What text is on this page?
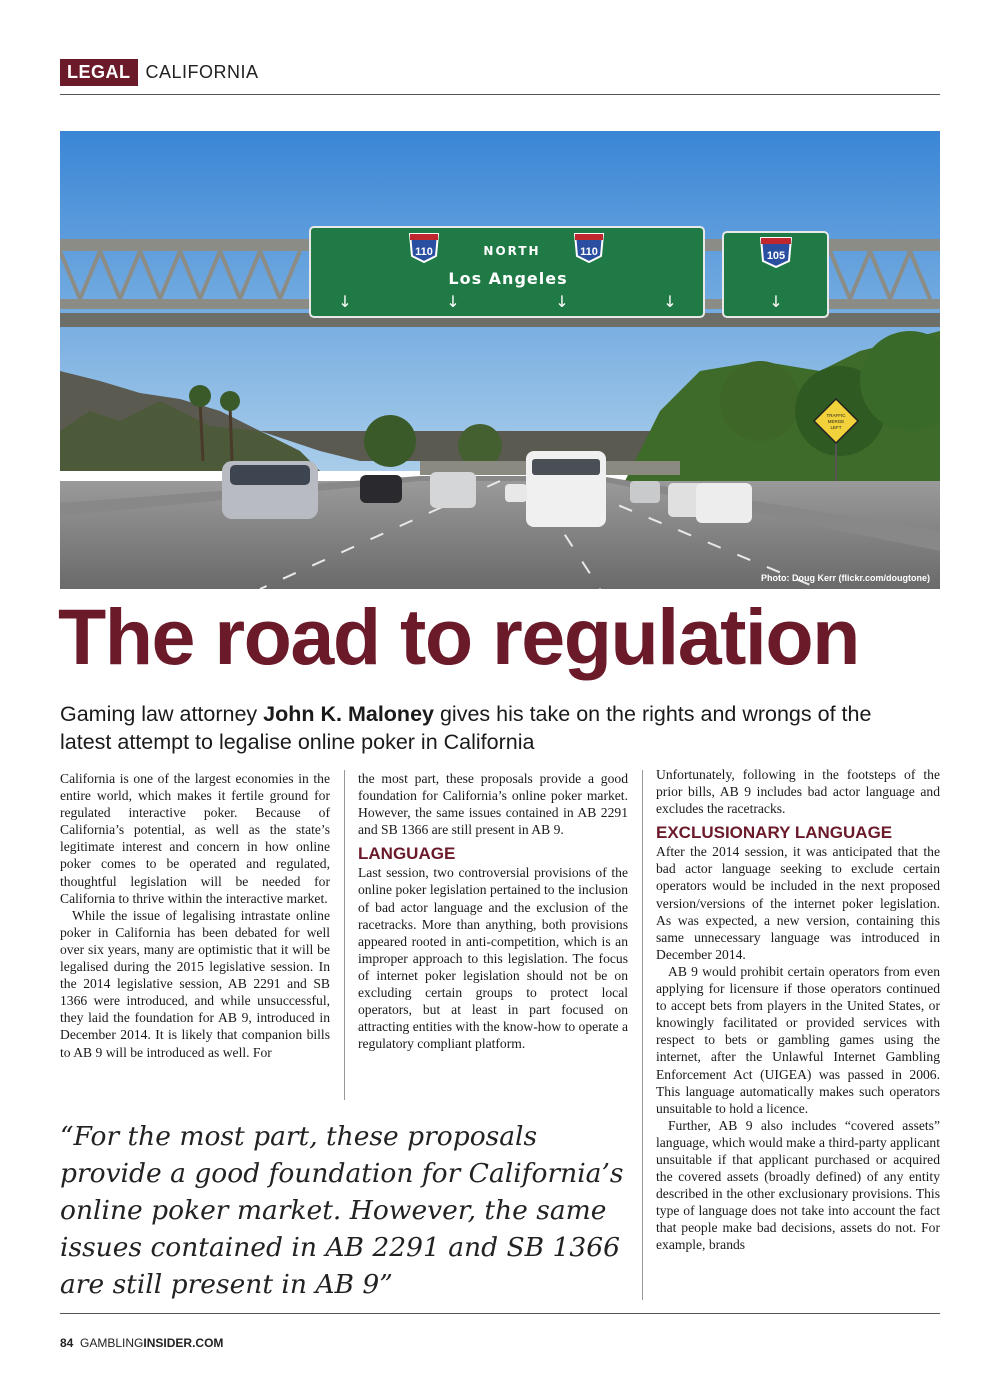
LEGAL CALIFORNIA
110	NORTH	110
Los Angeles
↓	↓	↓	↓
105
↓
TRAFFIC
MERGE
LEFT
Photo: Doug Kerr (flickr.com/dougtone)
The road to regulation
Gaming law attorney John K. Maloney gives his take on the rights and wrongs of the latest attempt to legalise online poker in California

California is one of the largest economies in the entire world, which makes it fertile ground for regulated interactive poker. Because of California’s potential, as well as the state’s legitimate interest and concern in how online poker comes to be operated and regulated, thoughtful legislation will be needed for California to thrive within the interactive market.

While the issue of legalising intrastate online poker in California has been debated for well over six years, many are optimistic that it will be legalised during the 2015 legislative session. In the 2014 legislative session, AB 2291 and SB 1366 were introduced, and while unsuccessful, they laid the foundation for AB 9, introduced in December 2014. It is likely that companion bills to AB 9 will be introduced as well. For

the most part, these proposals provide a good foundation for California’s online poker market. However, the same issues contained in AB 2291 and SB 1366 are still present in AB 9.

LANGUAGE

Last session, two controversial provisions of the online poker legislation pertained to the inclusion of bad actor language and the exclusion of the racetracks. More than anything, both provisions appeared rooted in anti-competition, which is an improper approach to this legislation. The focus of internet poker legislation should not be on excluding certain groups to protect local operators, but at least in part focused on attracting entities with the know-how to operate a regulatory compliant platform.

Unfortunately, following in the footsteps of the prior bills, AB 9 includes bad actor language and excludes the racetracks.

EXCLUSIONARY LANGUAGE

After the 2014 session, it was anticipated that the bad actor language seeking to exclude certain operators would be included in the next proposed version/versions of the internet poker legislation. As was expected, a new version, containing this same unnecessary language was introduced in December 2014.

AB 9 would prohibit certain operators from even applying for licensure if those operators continued to accept bets from players in the United States, or knowingly facilitated or provided services with respect to bets or gambling games using the internet, after the Unlawful Internet Gambling Enforcement Act (UIGEA) was passed in 2006. This language automatically makes such operators unsuitable to hold a licence.

Further, AB 9 also includes “covered assets” language, which would make a third-party applicant unsuitable if that applicant purchased or acquired the covered assets (broadly defined) of any entity described in the other exclusionary provisions. This type of language does not take into account the fact that people make bad decisions, assets do not. For example, brands

“For the most part, these proposals provide a good foundation for California’s online poker market. However, the same issues contained in AB 2291 and SB 1366 are still present in AB 9”
84 GAMBLINGINSIDER.COM
